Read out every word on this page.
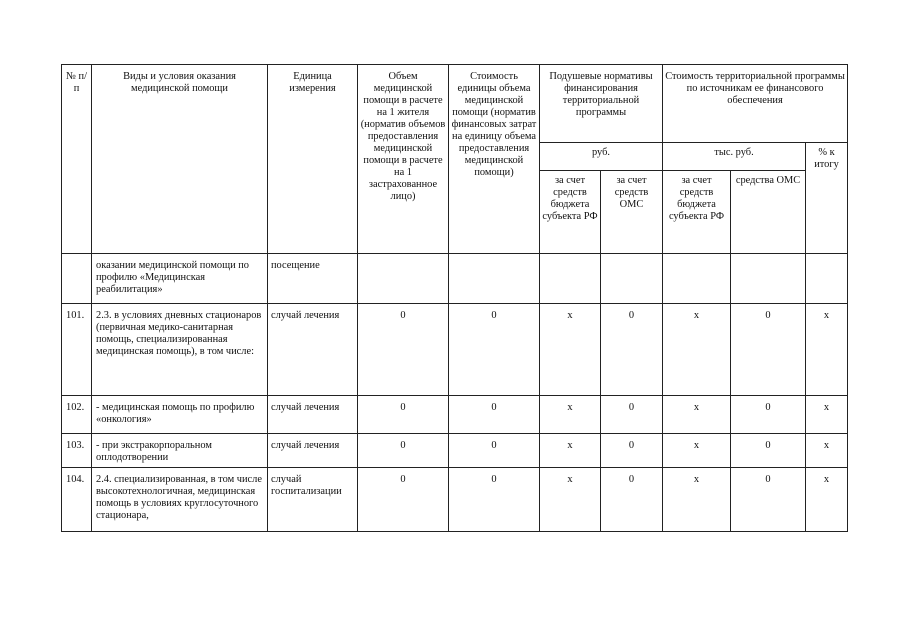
№ п/п	Виды и условия оказания медицинской помощи	Единица измерения	Объем медицинской помощи в расчете на 1 жителя (норматив объемов предоставления медицинской помощи в расчете на 1 застрахованное лицо)	Стоимость единицы объема медицинской помощи (норматив финансовых затрат на единицу объема предоставления медицинской помощи)	Подушевые нормативы финансирования территориальной программы		Стоимость территориальной программы по источникам ее финансового обеспечения		
					руб.		тыс. руб.		% к итогу
					за счет средств бюджета субъекта РФ	за счет средств ОМС	за счет средств бюджета субъекта РФ	средства ОМС	
	оказании медицинской помощи по профилю «Медицинская реабилитация»	посещение							
101.	2.3. в условиях дневных стационаров (первичная медико-санитарная помощь, специализированная медицинская помощь), в том числе:	случай лечения	0	0	х	0	х	0	х
102.	- медицинская помощь по профилю «онкология»	случай лечения	0	0	х	0	х	0	х
103.	- при экстракорпоральном оплодотворении	случай лечения	0	0	х	0	х	0	х
104.	2.4. специализированная, в том числе высокотехнологичная, медицинская помощь в условиях круглосуточного стационара,	случай госпитализации	0	0	х	0	х	0	х
